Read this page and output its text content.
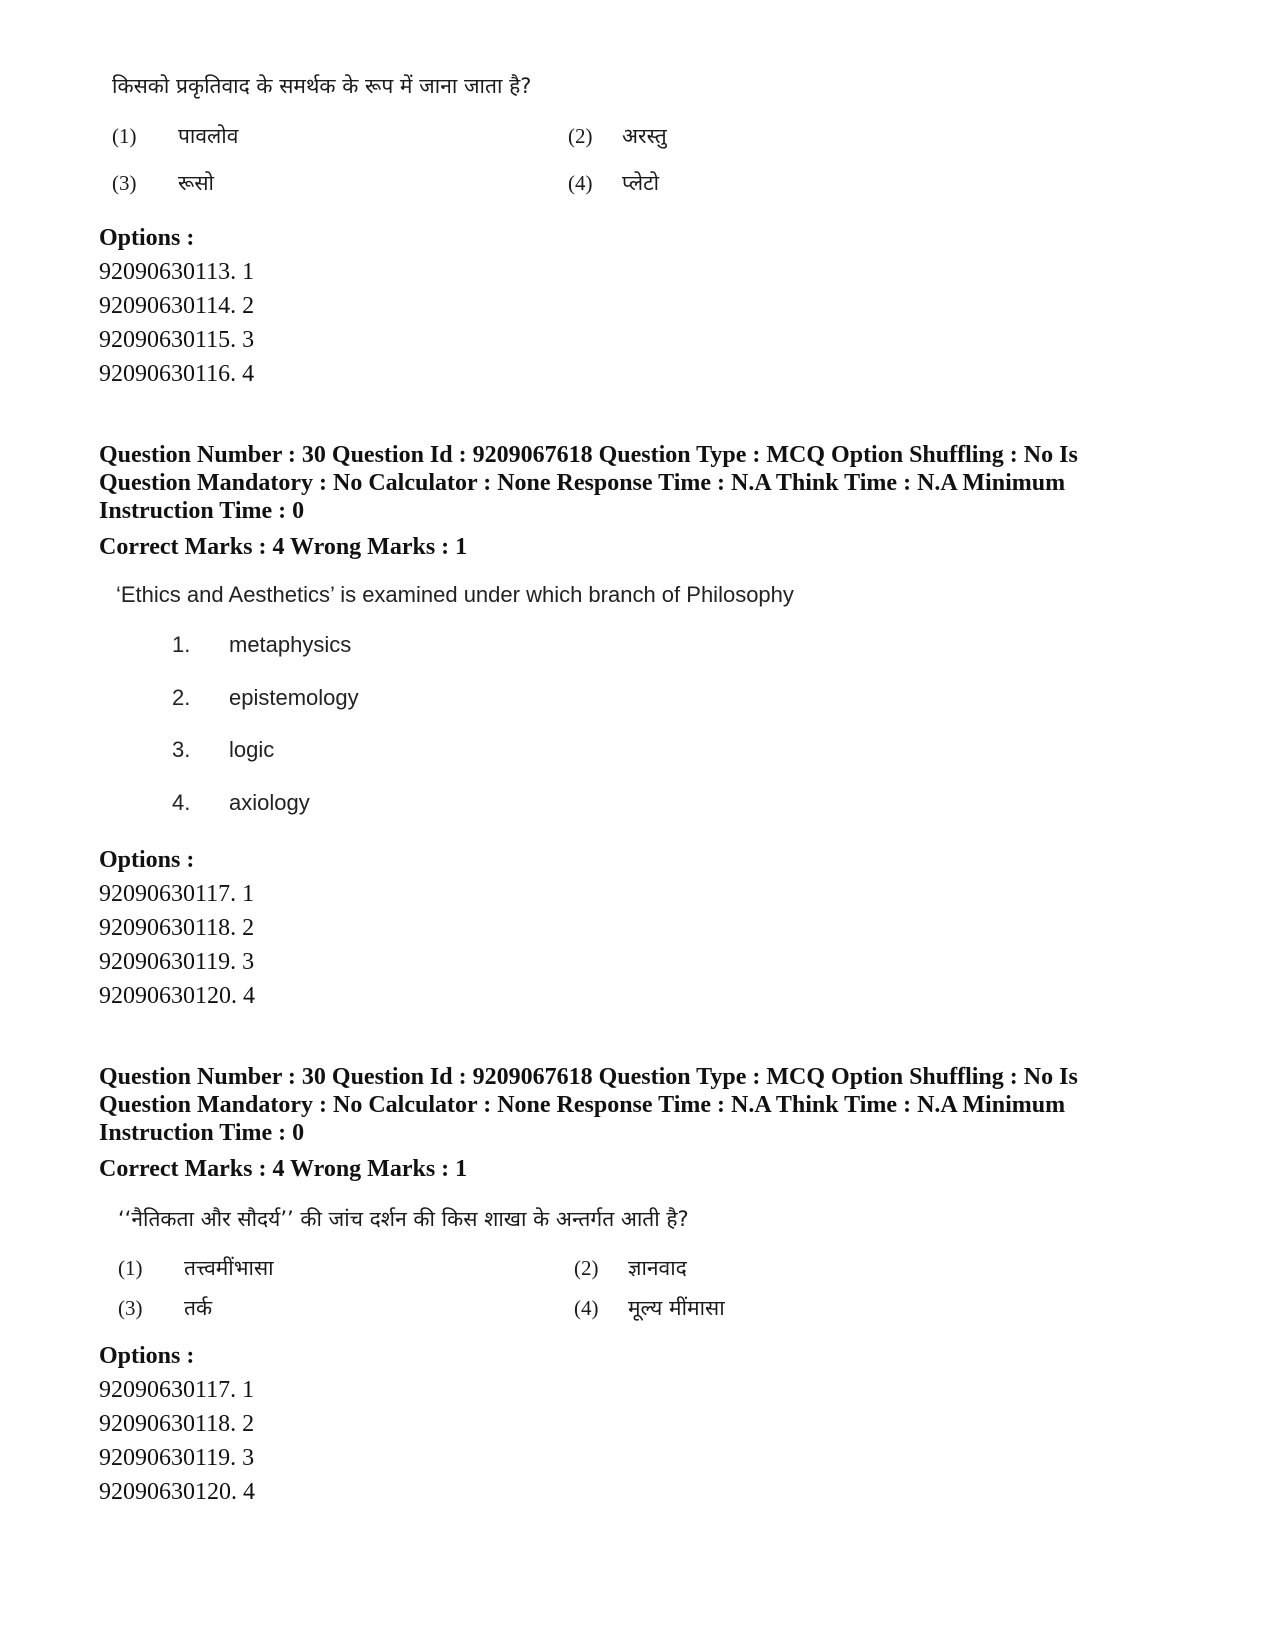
किसको प्रकृतिवाद के समर्थक के रूप में जाना जाता है?
(1) पावलोव	(2) अरस्तु
(3) रूसो	(4) प्लेटो
Options :
92090630113. 1
92090630114. 2
92090630115. 3
92090630116. 4
Question Number : 30 Question Id : 9209067618 Question Type : MCQ Option Shuffling : No Is
Question Mandatory : No Calculator : None Response Time : N.A Think Time : N.A Minimum
Instruction Time : 0
Correct Marks : 4 Wrong Marks : 1
‘Ethics and Aesthetics’ is examined under which branch of Philosophy
1. metaphysics
2. epistemology
3. logic
4. axiology
Options :
92090630117. 1
92090630118. 2
92090630119. 3
92090630120. 4
Question Number : 30 Question Id : 9209067618 Question Type : MCQ Option Shuffling : No Is
Question Mandatory : No Calculator : None Response Time : N.A Think Time : N.A Minimum
Instruction Time : 0
Correct Marks : 4 Wrong Marks : 1
‘‘नैतिकता और सौदर्य’’ की जांच दर्शन की किस शाखा के अन्तर्गत आती है?
(1) तत्त्वमींभासा	(2) ज्ञानवाद
(3) तर्क	(4) मूल्य मींमासा
Options :
92090630117. 1
92090630118. 2
92090630119. 3
92090630120. 4
